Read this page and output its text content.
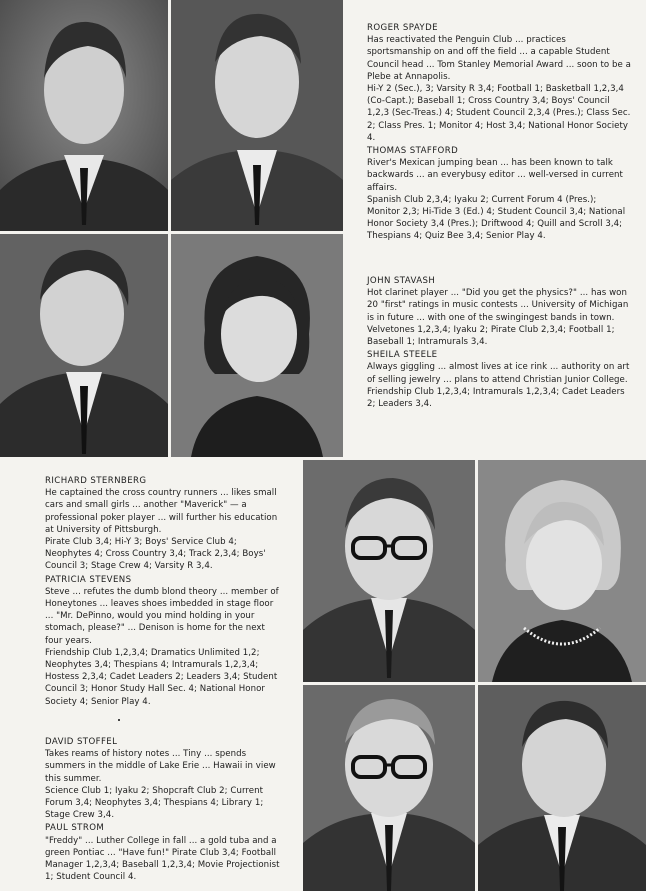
ROGER SPAYDE

Has reactivated the Penguin Club ... practices sportsmanship on and off the field ... a capable Student Council head ... Tom Stanley Memorial Award ... soon to be a Plebe at Annapolis.

Hi-Y 2 (Sec.), 3; Varsity R 3,4; Football 1; Basketball 1,2,3,4 (Co-Capt.); Baseball 1; Cross Country 3,4; Boys' Council 1,2,3 (Sec-Treas.) 4; Student Council 2,3,4 (Pres.); Class Sec. 2; Class Pres. 1; Monitor 4; Host 3,4; National Honor Society 4.

THOMAS STAFFORD

River's Mexican jumping bean ... has been known to talk backwards ... an everybusy editor ... well-versed in current affairs.

Spanish Club 2,3,4; Iyaku 2; Current Forum 4 (Pres.); Monitor 2,3; Hi-Tide 3 (Ed.) 4; Student Council 3,4; National Honor Society 3,4 (Pres.); Driftwood 4; Quill and Scroll 3,4; Thespians 4; Quiz Bee 3,4; Senior Play 4.

JOHN STAVASH

Hot clarinet player ... "Did you get the physics?" ... has won 20 "first" ratings in music contests ... University of Michigan is in future ... with one of the swingingest bands in town.

Velvetones 1,2,3,4; Iyaku 2; Pirate Club 2,3,4; Football 1; Baseball 1; Intramurals 3,4.

SHEILA STEELE

Always giggling ... almost lives at ice rink ... authority on art of selling jewelry ... plans to attend Christian Junior College.

Friendship Club 1,2,3,4; Intramurals 1,2,3,4; Cadet Leaders 2; Leaders 3,4.

RICHARD STERNBERG

He captained the cross country runners ... likes small cars and small girls ... another "Maverick" — a professional poker player ... will further his education at University of Pittsburgh.

Pirate Club 3,4; Hi-Y 3; Boys' Service Club 4; Neophytes 4; Cross Country 3,4; Track 2,3,4; Boys' Council 3; Stage Crew 4; Varsity R 3,4.

PATRICIA STEVENS

Steve ... refutes the dumb blond theory ... member of Honeytones ... leaves shoes imbedded in stage floor ... "Mr. DePinno, would you mind holding in your stomach, please?" ... Denison is home for the next four years.

Friendship Club 1,2,3,4; Dramatics Unlimited 1,2; Neophytes 3,4; Thespians 4; Intramurals 1,2,3,4; Hostess 2,3,4; Cadet Leaders 2; Leaders 3,4; Student Council 3; Honor Study Hall Sec. 4; National Honor Society 4; Senior Play 4.

DAVID STOFFEL

Takes reams of history notes ... Tiny ... spends summers in the middle of Lake Erie ... Hawaii in view this summer.

Science Club 1; Iyaku 2; Shopcraft Club 2; Current Forum 3,4; Neophytes 3,4; Thespians 4; Library 1; Stage Crew 3,4.

PAUL STROM

"Freddy" ... Luther College in fall ... a gold tuba and a green Pontiac ... "Have fun!" Pirate Club 3,4; Football Manager 1,2,3,4; Baseball 1,2,3,4; Movie Projectionist 1; Student Council 4.
